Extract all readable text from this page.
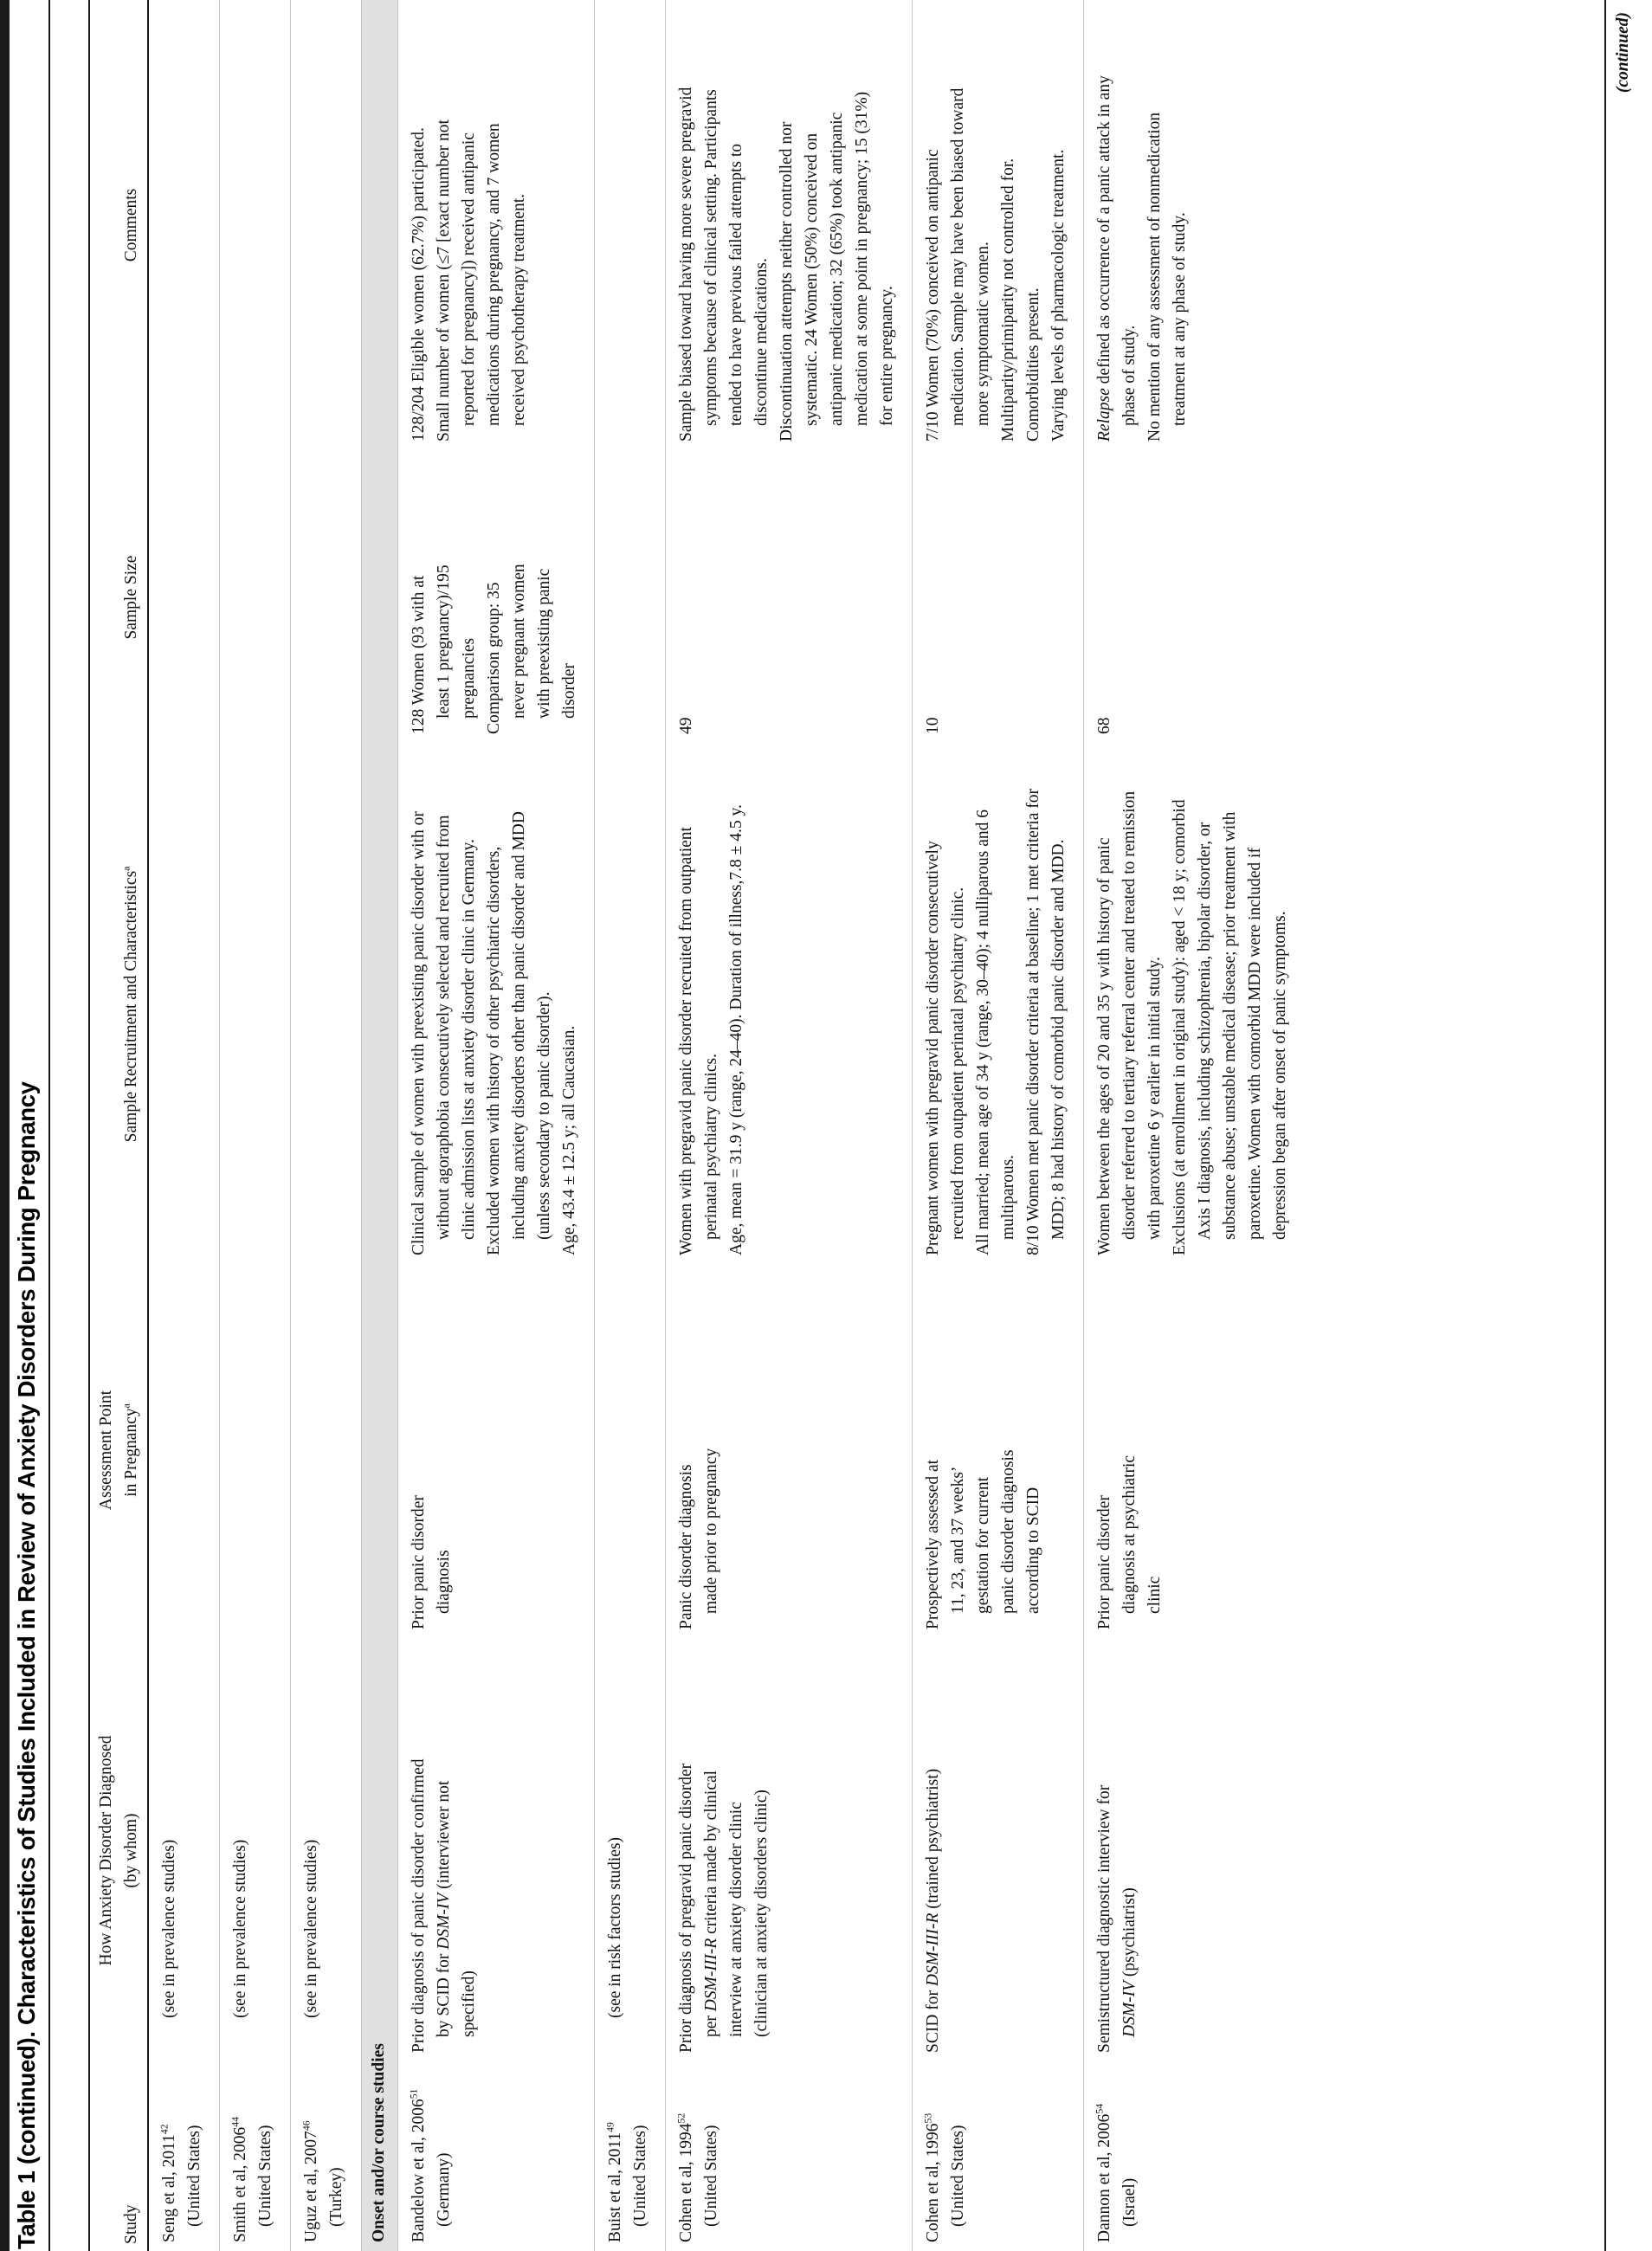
Table 1 (continued). Characteristics of Studies Included in Review of Anxiety Disorders During Pregnancy	Study
How Anxiety Disorder Diagnosed (by whom)
Assessment Point in Pregnancy$^a$
Sample Recruitment and Characteristics$^a$
Sample Size
Comments

Seng et al, 2011$^{42}$ (United States)

(see in prevalence studies)

Smith et al, 2006$^{44}$ (United States)

(see in prevalence studies)

Uguz et al, 2007$^{46}$ (Turkey)

(see in prevalence studies)

Onset and/or course studies	Bandelow et al, 2006$^{51}$ (Germany)

Prior diagnosis of panic disorder confirmed by SCID for DSM-IV (interviewer not specified)

Prior panic disorder diagnosis

Clinical sample of women with preexisting panic disorder with or without agoraphobia consecutively selected and recruited from clinic admission lists at anxiety disorder clinic in Germany. Excluded women with history of other psychiatric disorders, including anxiety disorders other than panic disorder and MDD (unless secondary to panic disorder). Age, 43.4 ± 12.5 y; all Caucasian.

128 Women (93 with at least 1 pregnancy)/195 pregnancies Comparison group: 35 never pregnant women with preexisting panic disorder

128/204 Eligible women (62.7%) participated. Small number of women (≤7 [exact number not reported for pregnancy]) received antipanic medications during pregnancy, and 7 women received psychotherapy treatment.

Buist et al, 2011$^{49}$ (United States)

(see in risk factors studies)

Cohen et al, 1994$^{52}$ (United States)

Prior diagnosis of pregravid panic disorder per DSM-III-R criteria made by clinical interview at anxiety disorder clinic (clinician at anxiety disorders clinic)

Panic disorder diagnosis made prior to pregnancy

Women with pregravid panic disorder recruited from outpatient perinatal psychiatry clinics. Age, mean = 31.9 y (range, 24–40). Duration of illness,7.8 ± 4.5 y.

49

Sample biased toward having more severe pregravid symptoms because of clinical setting. Participants tended to have previous failed attempts to discontinue medications. Discontinuation attempts neither controlled nor systematic. 24 Women (50%) conceived on antipanic medication; 32 (65%) took antipanic medication at some point in pregnancy; 15 (31%) for entire pregnancy.

Cohen et al, 1996$^{53}$ (United States)

SCID for DSM-III-R (trained psychiatrist)

Prospectively assessed at 11, 23, and 37 weeks’ gestation for current panic disorder diagnosis according to SCID

Pregnant women with pregravid panic disorder consecutively recruited from outpatient perinatal psychiatry clinic. All married; mean age of 34 y (range, 30–40); 4 nulliparous and 6 multiparous. 8/10 Women met panic disorder criteria at baseline; 1 met criteria for MDD; 8 had history of comorbid panic disorder and MDD.

10

7/10 Women (70%) conceived on antipanic medication. Sample may have been biased toward more symptomatic women. Multiparity/primiparity not controlled for. Comorbidities present. Varying levels of pharmacologic treatment.

Dannon et al, 2006$^{54}$ (Israel)

Semistructured diagnostic interview for DSM-IV (psychiatrist)

Prior panic disorder diagnosis at psychiatric clinic

Women between the ages of 20 and 35 y with history of panic disorder referred to tertiary referral center and treated to remission with paroxetine 6 y earlier in initial study. Exclusions (at enrollment in original study): aged < 18 y; comorbid Axis I diagnosis, including schizophrenia, bipolar disorder, or substance abuse; unstable medical disease; prior treatment with paroxetine. Women with comorbid MDD were included if depression began after onset of panic symptoms.

68

Relapse defined as occurrence of a panic attack in any phase of study. No mention of any assessment of nonmedication treatment at any phase of study.

(continued)
